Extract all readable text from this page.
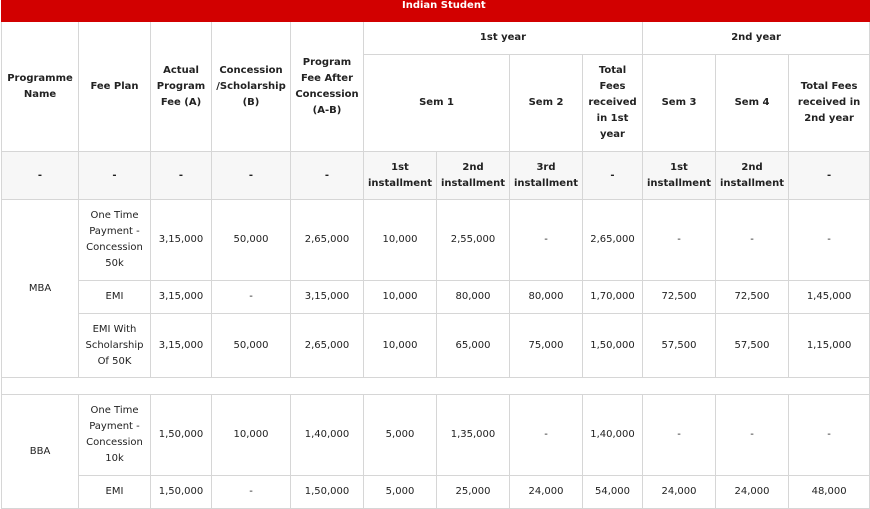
Indian Student											
Programme Name	Fee Plan	Actual Program Fee (A)	Concession /Scholarship (B)	Program Fee After Concession (A-B)	1st year				2nd year		
					Sem 1		Sem 2	Total Fees received in 1st year	Sem 3	Sem 4	Total Fees received in 2nd year
-	-	-	-	-	1st installment	2nd installment	3rd installment	-	1st installment	2nd installment	-
MBA	One Time Payment - Concession 50k	3,15,000	50,000	2,65,000	10,000	2,55,000	-	2,65,000	-	-	-
	EMI	3,15,000	-	3,15,000	10,000	80,000	80,000	1,70,000	72,500	72,500	1,45,000
	EMI With Scholarship Of 50K	3,15,000	50,000	2,65,000	10,000	65,000	75,000	1,50,000	57,500	57,500	1,15,000

BBA	One Time Payment - Concession 10k	1,50,000	10,000	1,40,000	5,000	1,35,000	-	1,40,000	-	-	-
	EMI	1,50,000	-	1,50,000	5,000	25,000	24,000	54,000	24,000	24,000	48,000
